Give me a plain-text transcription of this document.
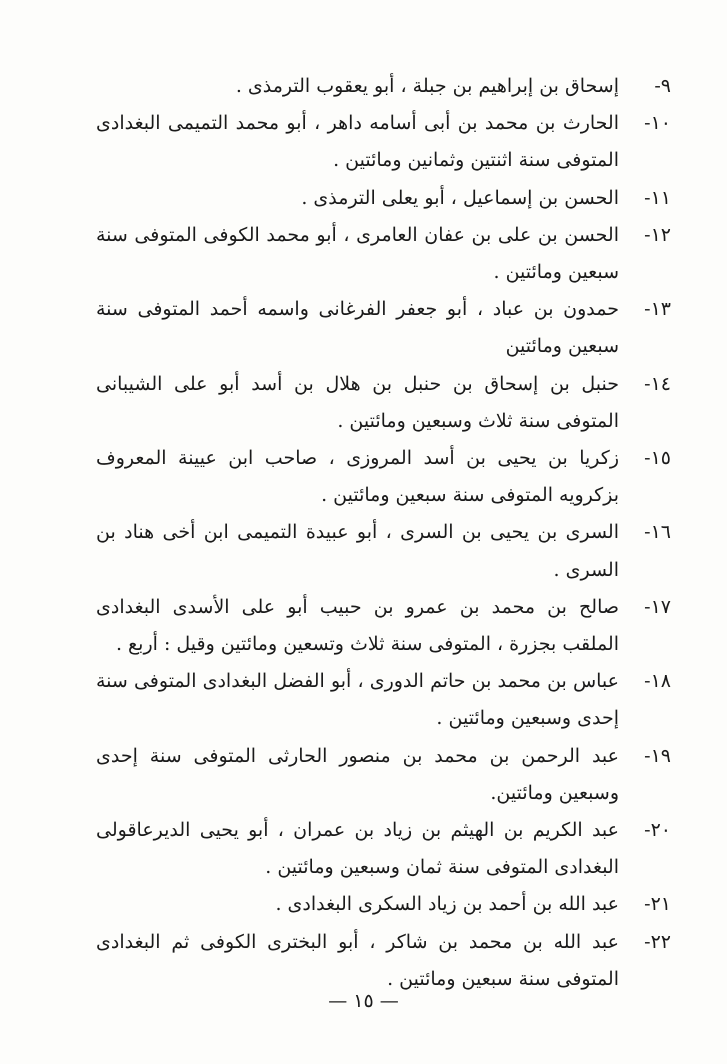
٩-
إسحاق بن إبراهيم بن جبلة ، أبو يعقوب الترمذى .
١٠-
الحارث بن محمد بن أبى أسامه داهر ، أبو محمد التميمى البغدادى المتوفى سنة اثنتين وثمانين ومائتين .
١١-
الحسن بن إسماعيل ، أبو يعلى الترمذى .
١٢-
الحسن بن على بن عفان العامرى ، أبو محمد الكوفى المتوفى سنة سبعين ومائتين .
١٣-
حمدون بن عباد ، أبو جعفر الفرغانى واسمه أحمد المتوفى سنة سبعين ومائتين
١٤-
حنبل بن إسحاق بن حنبل بن هلال بن أسد أبو على الشيبانى المتوفى سنة ثلاث وسبعين ومائتين .
١٥-
زكريا بن يحيى بن أسد المروزى ، صاحب ابن عيينة المعروف بزكرويه المتوفى سنة سبعين ومائتين .
١٦-
السرى بن يحيى بن السرى ، أبو عبيدة التميمى ابن أخى هناد بن السرى .
١٧-
صالح بن محمد بن عمرو بن حبيب أبو على الأسدى البغدادى الملقب بجزرة ، المتوفى سنة ثلاث وتسعين ومائتين وقيل : أربع .
١٨-
عباس بن محمد بن حاتم الدورى ، أبو الفضل البغدادى المتوفى سنة إحدى وسبعين ومائتين .
١٩-
عبد الرحمن بن محمد بن منصور الحارثى المتوفى سنة إحدى وسبعين ومائتين.
٢٠-
عبد الكريم بن الهيثم بن زياد بن عمران ، أبو يحيى الديرعاقولى البغدادى المتوفى سنة ثمان وسبعين ومائتين .
٢١-
عبد الله بن أحمد بن زياد السكرى البغدادى .
٢٢-
عبد الله بن محمد بن شاكر ، أبو البخترى الكوفى ثم البغدادى المتوفى سنة سبعين ومائتين .
— ١٥ —
